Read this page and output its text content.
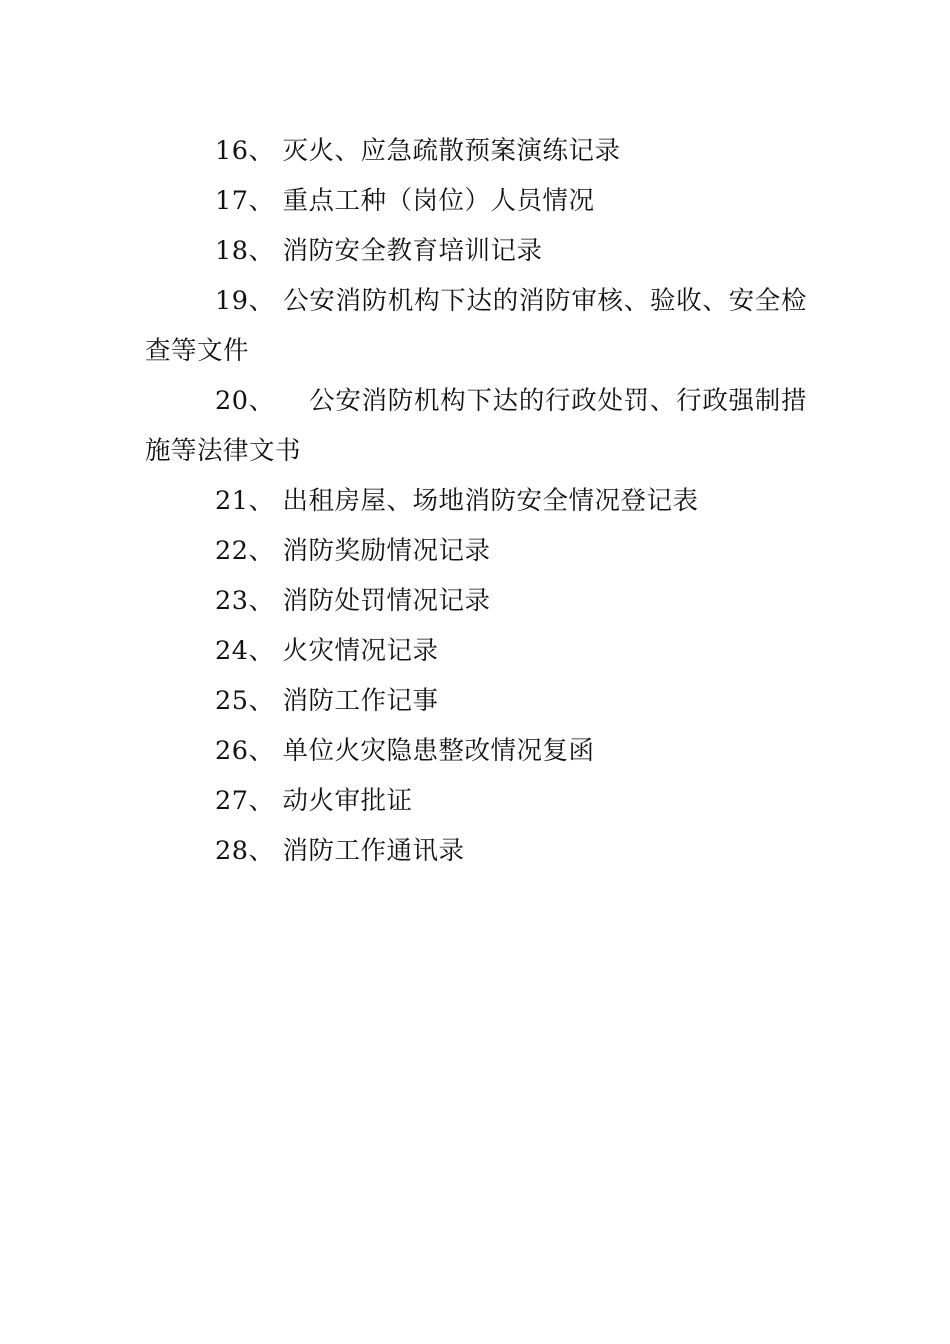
16、 灭火、应急疏散预案演练记录
17、 重点工种（岗位）人员情况
18、 消防安全教育培训记录
19、 公安消防机构下达的消防审核、验收、安全检查等文件
20、 公安消防机构下达的行政处罚、行政强制措施等法律文书
21、 出租房屋、场地消防安全情况登记表
22、 消防奖励情况记录
23、 消防处罚情况记录
24、 火灾情况记录
25、 消防工作记事
26、 单位火灾隐患整改情况复函
27、 动火审批证
28、 消防工作通讯录
